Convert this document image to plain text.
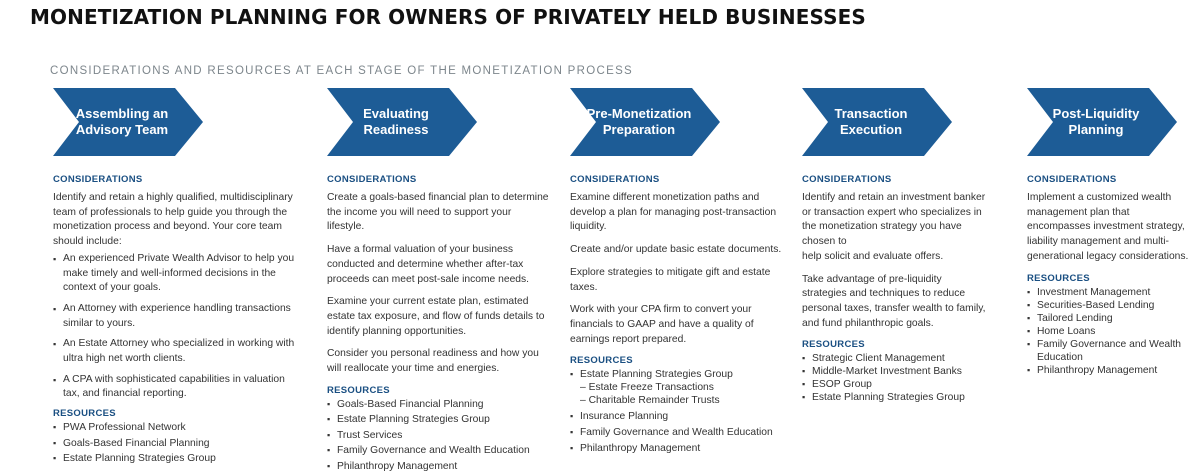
MONETIZATION PLANNING FOR OWNERS OF PRIVATELY HELD BUSINESSES
CONSIDERATIONS AND RESOURCES AT EACH STAGE OF THE MONETIZATION PROCESS
Assembling an
Advisory Team
CONSIDERATIONS

Identify and retain a highly qualified, multidisciplinary team of professionals to help guide you through the monetization process and beyond. Your core team should include:

▪ An experienced Private Wealth Advisor to help you make timely and well-informed decisions in the context of your goals.
▪ An Attorney with experience handling transactions similar to yours.
▪ An Estate Attorney who specialized in working with ultra high net worth clients.
▪ A CPA with sophisticated capabilities in valuation tax, and financial reporting.
RESOURCES
▪ PWA Professional Network
▪ Goals-Based Financial Planning
▪ Estate Planning Strategies Group
Evaluating
Readiness
CONSIDERATIONS

Create a goals-based financial plan to determine the income you will need to support your lifestyle.

Have a formal valuation of your business conducted and determine whether after-tax proceeds can meet post-sale income needs.

Examine your current estate plan, estimated estate tax exposure, and flow of funds details to identify planning opportunities.

Consider you personal readiness and how you will reallocate your time and energies.

RESOURCES
▪ Goals-Based Financial Planning
▪ Estate Planning Strategies Group
▪ Trust Services
▪ Family Governance and Wealth Education
▪ Philanthropy Management
Pre-Monetization
Preparation
CONSIDERATIONS

Examine different monetization paths and develop a plan for managing post-transaction liquidity.

Create and/or update basic estate documents.

Explore strategies to mitigate gift and estate taxes.

Work with your CPA firm to convert your financials to GAAP and have a quality of earnings report prepared.

RESOURCES
▪ Estate Planning Strategies Group
– Estate Freeze Transactions
– Charitable Remainder Trusts
▪ Insurance Planning
▪ Family Governance and Wealth Education
▪ Philanthropy Management
Transaction
Execution
CONSIDERATIONS

Identify and retain an investment banker or transaction expert who specializes in the monetization strategy you have chosen to
help solicit and evaluate offers.

Take advantage of pre-liquidity strategies and techniques to reduce personal taxes, transfer wealth to family, and fund philanthropic goals.

RESOURCES
▪ Strategic Client Management
▪ Middle-Market Investment Banks
▪ ESOP Group
▪ Estate Planning Strategies Group
Post-Liquidity
Planning
CONSIDERATIONS

Implement a customized wealth management plan that encompasses investment strategy, liability management and multi-generational legacy considerations.

RESOURCES
▪ Investment Management
▪ Securities-Based Lending
▪ Tailored Lending
▪ Home Loans
▪ Family Governance and Wealth Education
▪ Philanthropy Management
